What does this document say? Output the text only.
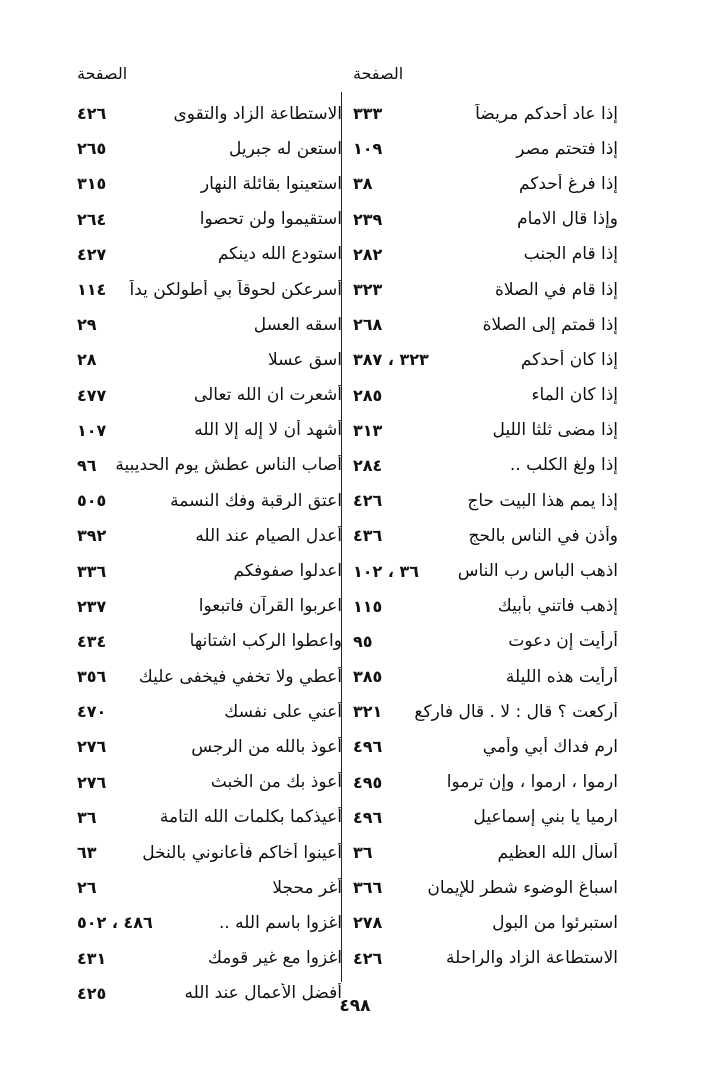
الصفحة
إذا عاد أحدكم مريضاً
٣٣٣
إذا فتحتم مصر
١٠٩
إذا فرغ أحدكم
٣٨
وإذا قال الامام
٢٣٩
إذا قام الجنب
٢٨٢
إذا قام في الصلاة
٣٢٣
إذا قمتم إلى الصلاة
٢٦٨
إذا كان أحدكم
٣٢٣ ، ٣٨٧
إذا كان الماء
٢٨٥
إذا مضى ثلثا الليل
٣١٣
إذا ولغ الكلب ..
٢٨٤
إذا يمم هذا البيت حاج
٤٢٦
وأذن في الناس بالحج
٤٣٦
اذهب الباس رب الناس
٣٦ ، ١٠٢
إذهب فاتني بأبيك
١١٥
أرأيت إن دعوت
٩٥
أرأيت هذه الليلة
٣٨٥
أركعت ؟ قال : لا . قال فاركع
٣٢١
ارم فداك أبي وأمي
٤٩٦
ارموا ، ارموا ، وإن ترموا
٤٩٥
ارميا يا بني إسماعيل
٤٩٦
أسأل الله العظيم
٣٦
اسباغ الوضوء شطر للإيمان
٣٦٦
استبرئوا من البول
٢٧٨
الاستطاعة الزاد والراحلة
٤٢٦
الصفحة
الاستطاعة الزاد والتقوى
٤٢٦
استعن له جبريل
٢٦٥
استعينوا بقائلة النهار
٣١٥
استقيموا ولن تحصوا
٢٦٤
استودع الله دينكم
٤٢٧
أسرعكن لحوقاً بي أطولكن يداً
١١٤
اسقه العسل
٢٩
اسق عسلا
٢٨
أشعرت ان الله تعالى
٤٧٧
أشهد أن لا إله إلا الله
١٠٧
أصاب الناس عطش يوم الحديبية
٩٦
اعتق الرقبة وفك النسمة
٥٠٥
أعدل الصيام عند الله
٣٩٢
اعدلوا صفوفكم
٣٣٦
اعربوا القرآن فاتبعوا
٢٣٧
واعطوا الركب اشتانها
٤٣٤
أعطي ولا تخفي فيخفى عليك
٣٥٦
أعني على نفسك
٤٧٠
أعوذ بالله من الرجس
٢٧٦
أعوذ بك من الخبث
٢٧٦
أعيذكما بكلمات الله التامة
٣٦
أعينوا أخاكم فأعانوني بالنخل
٦٣
أغر محجلا
٢٦
اغزوا باسم الله ..
٤٨٦ ، ٥٠٢
اغزوا مع غير قومك
٤٣١
أفضل الأعمال عند الله
٤٢٥
٤٩٨
